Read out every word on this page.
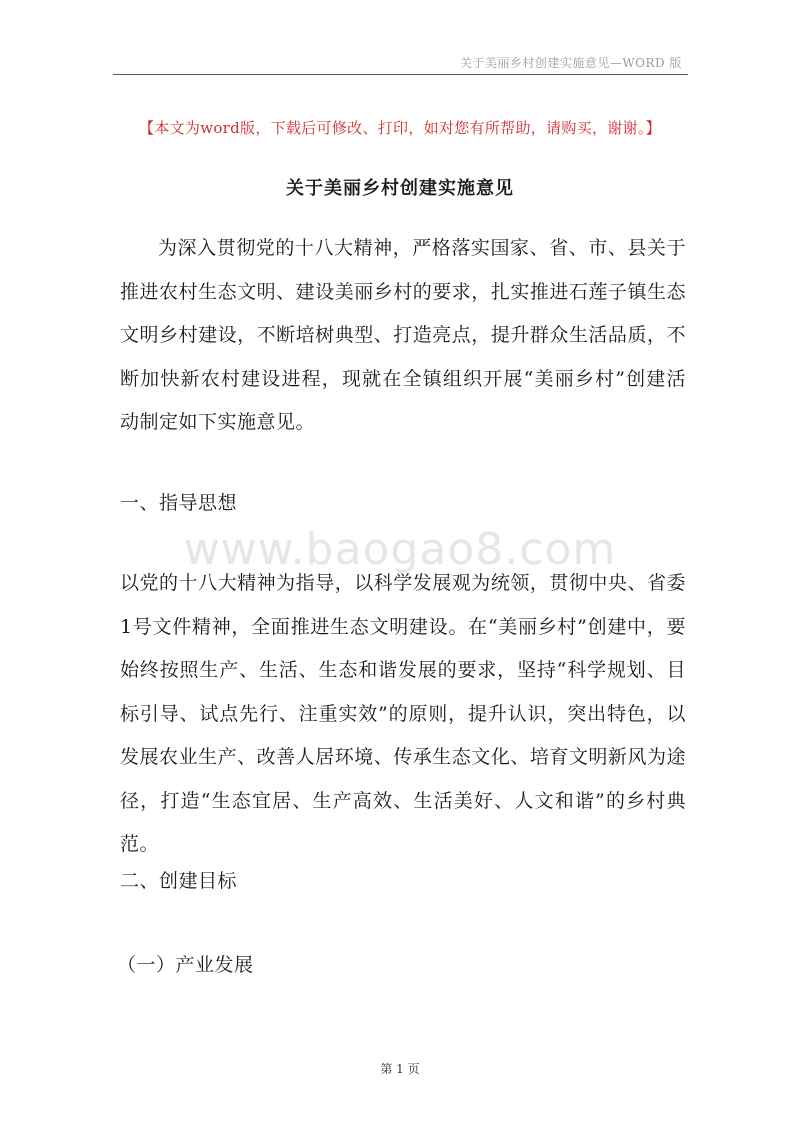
关于美丽乡村创建实施意见—WORD 版
【本文为word版，下载后可修改、打印，如对您有所帮助，请购买，谢谢。】
关于美丽乡村创建实施意见

为深入贯彻党的十八大精神，严格落实国家、省、市、县关于推进农村生态文明、建设美丽乡村的要求，扎实推进石莲子镇生态文明乡村建设，不断培树典型、打造亮点，提升群众生活品质，不断加快新农村建设进程，现就在全镇组织开展“美丽乡村”创建活动制定如下实施意见。

一、指导思想
www.baogao8.com

以党的十八大精神为指导，以科学发展观为统领，贯彻中央、省委1号文件精神，全面推进生态文明建设。在“美丽乡村”创建中，要始终按照生产、生活、生态和谐发展的要求，坚持“科学规划、目标引导、试点先行、注重实效”的原则，提升认识，突出特色，以发展农业生产、改善人居环境、传承生态文化、培育文明新风为途径，打造“生态宜居、生产高效、生活美好、人文和谐”的乡村典范。

二、创建目标
（一）产业发展
第 1 页
